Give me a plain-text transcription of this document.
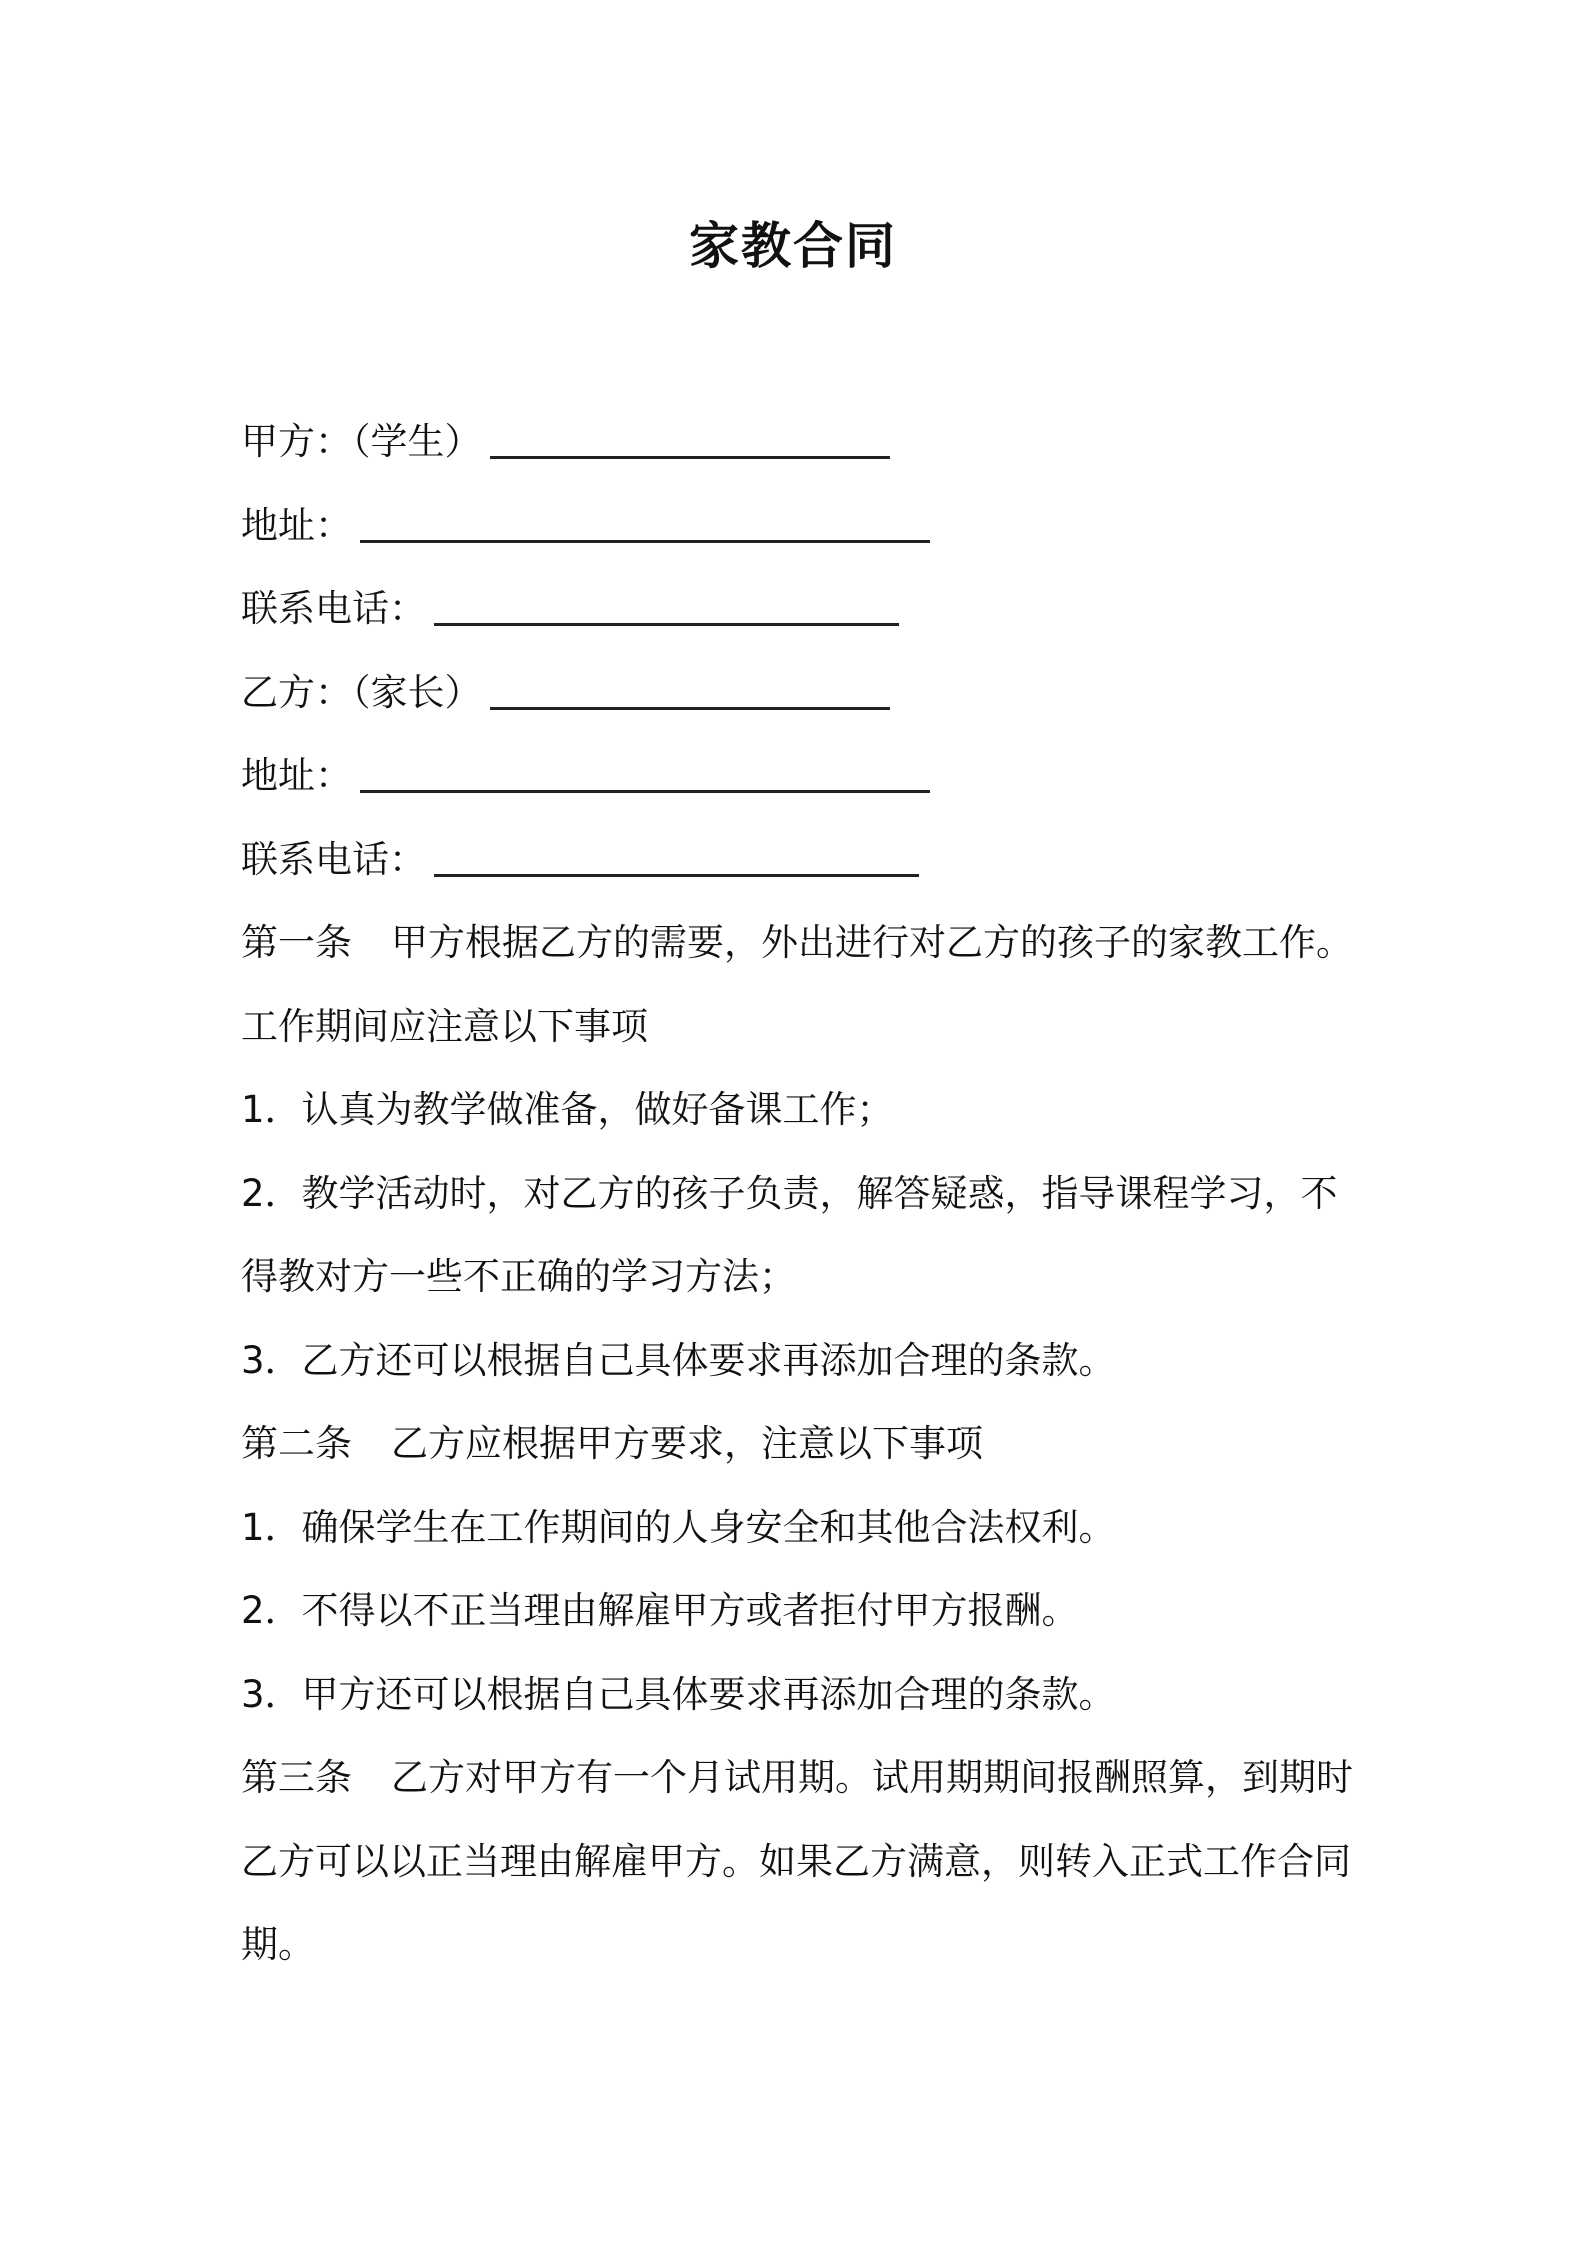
家教合同
甲方：（学生）
地址：
联系电话：
乙方：（家长）
地址：
联系电话：
第一条 甲方根据乙方的需要，外出进行对乙方的孩子的家教工作。
工作期间应注意以下事项
1．认真为教学做准备，做好备课工作；
2．教学活动时，对乙方的孩子负责，解答疑惑，指导课程学习，不
得教对方一些不正确的学习方法；
3．乙方还可以根据自己具体要求再添加合理的条款。
第二条 乙方应根据甲方要求，注意以下事项
1．确保学生在工作期间的人身安全和其他合法权利。
2．不得以不正当理由解雇甲方或者拒付甲方报酬。
3．甲方还可以根据自己具体要求再添加合理的条款。
第三条 乙方对甲方有一个月试用期。试用期期间报酬照算，到期时
乙方可以以正当理由解雇甲方。如果乙方满意，则转入正式工作合同
期。
